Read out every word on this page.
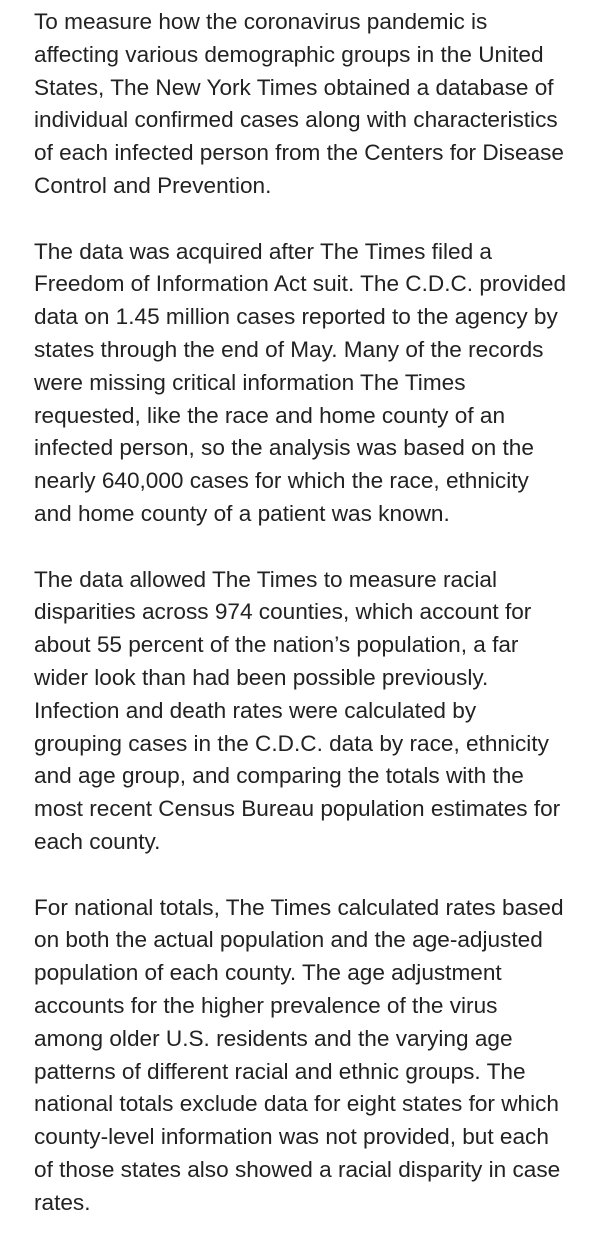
To measure how the coronavirus pandemic is
affecting various demographic groups in the United
States, The New York Times obtained a database of
individual confirmed cases along with characteristics
of each infected person from the Centers for Disease
Control and Prevention.

The data was acquired after The Times filed a
Freedom of Information Act suit. The C.D.C. provided
data on 1.45 million cases reported to the agency by
states through the end of May. Many of the records
were missing critical information The Times
requested, like the race and home county of an
infected person, so the analysis was based on the
nearly 640,000 cases for which the race, ethnicity
and home county of a patient was known.

The data allowed The Times to measure racial
disparities across 974 counties, which account for
about 55 percent of the nation’s population, a far
wider look than had been possible previously.
Infection and death rates were calculated by
grouping cases in the C.D.C. data by race, ethnicity
and age group, and comparing the totals with the
most recent Census Bureau population estimates for
each county.

For national totals, The Times calculated rates based
on both the actual population and the age-adjusted
population of each county. The age adjustment
accounts for the higher prevalence of the virus
among older U.S. residents and the varying age
patterns of different racial and ethnic groups. The
national totals exclude data for eight states for which
county-level information was not provided, but each
of those states also showed a racial disparity in case
rates.
